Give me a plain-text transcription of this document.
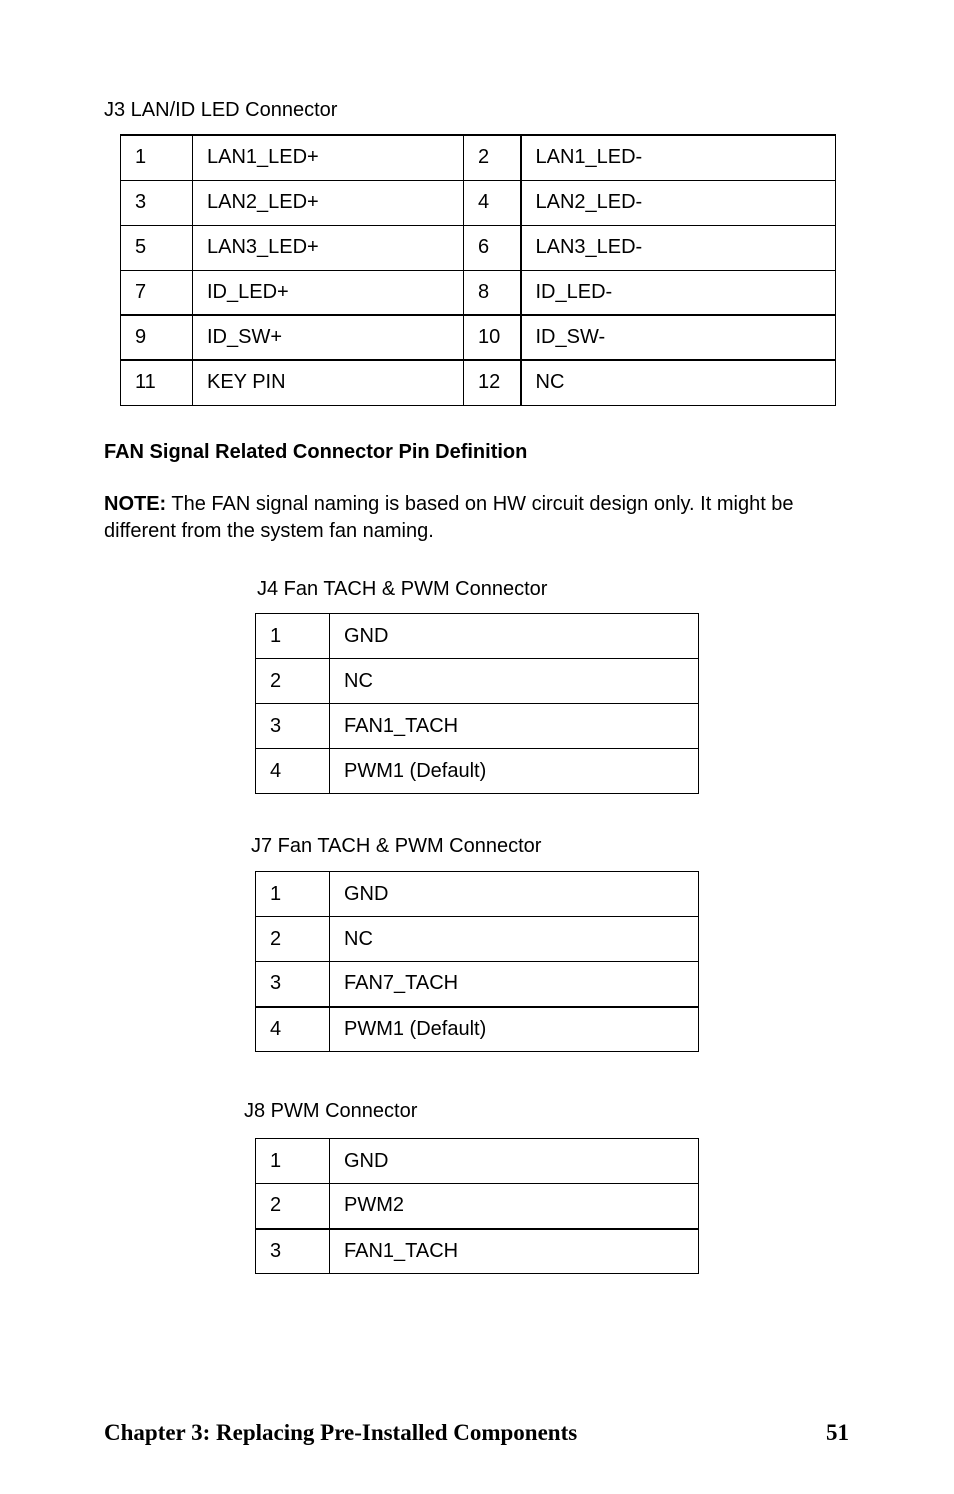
J3 LAN/ID LED Connector
1	LAN1_LED+	2	LAN1_LED-
3	LAN2_LED+	4	LAN2_LED-
5	LAN3_LED+	6	LAN3_LED-
7	ID_LED+	8	ID_LED-
9	ID_SW+	10	ID_SW-
11	KEY PIN	12	NC
FAN Signal Related Connector Pin Definition
NOTE: The FAN signal naming is based on HW circuit design only. It might be different from the system fan naming.
J4 Fan TACH & PWM Connector
1	GND
2	NC
3	FAN1_TACH
4	PWM1 (Default)
J7 Fan TACH & PWM Connector
1	GND
2	NC
3	FAN7_TACH
4	PWM1 (Default)
J8 PWM Connector
1	GND
2	PWM2
3	FAN1_TACH
Chapter 3: Replacing Pre-Installed Components	51
